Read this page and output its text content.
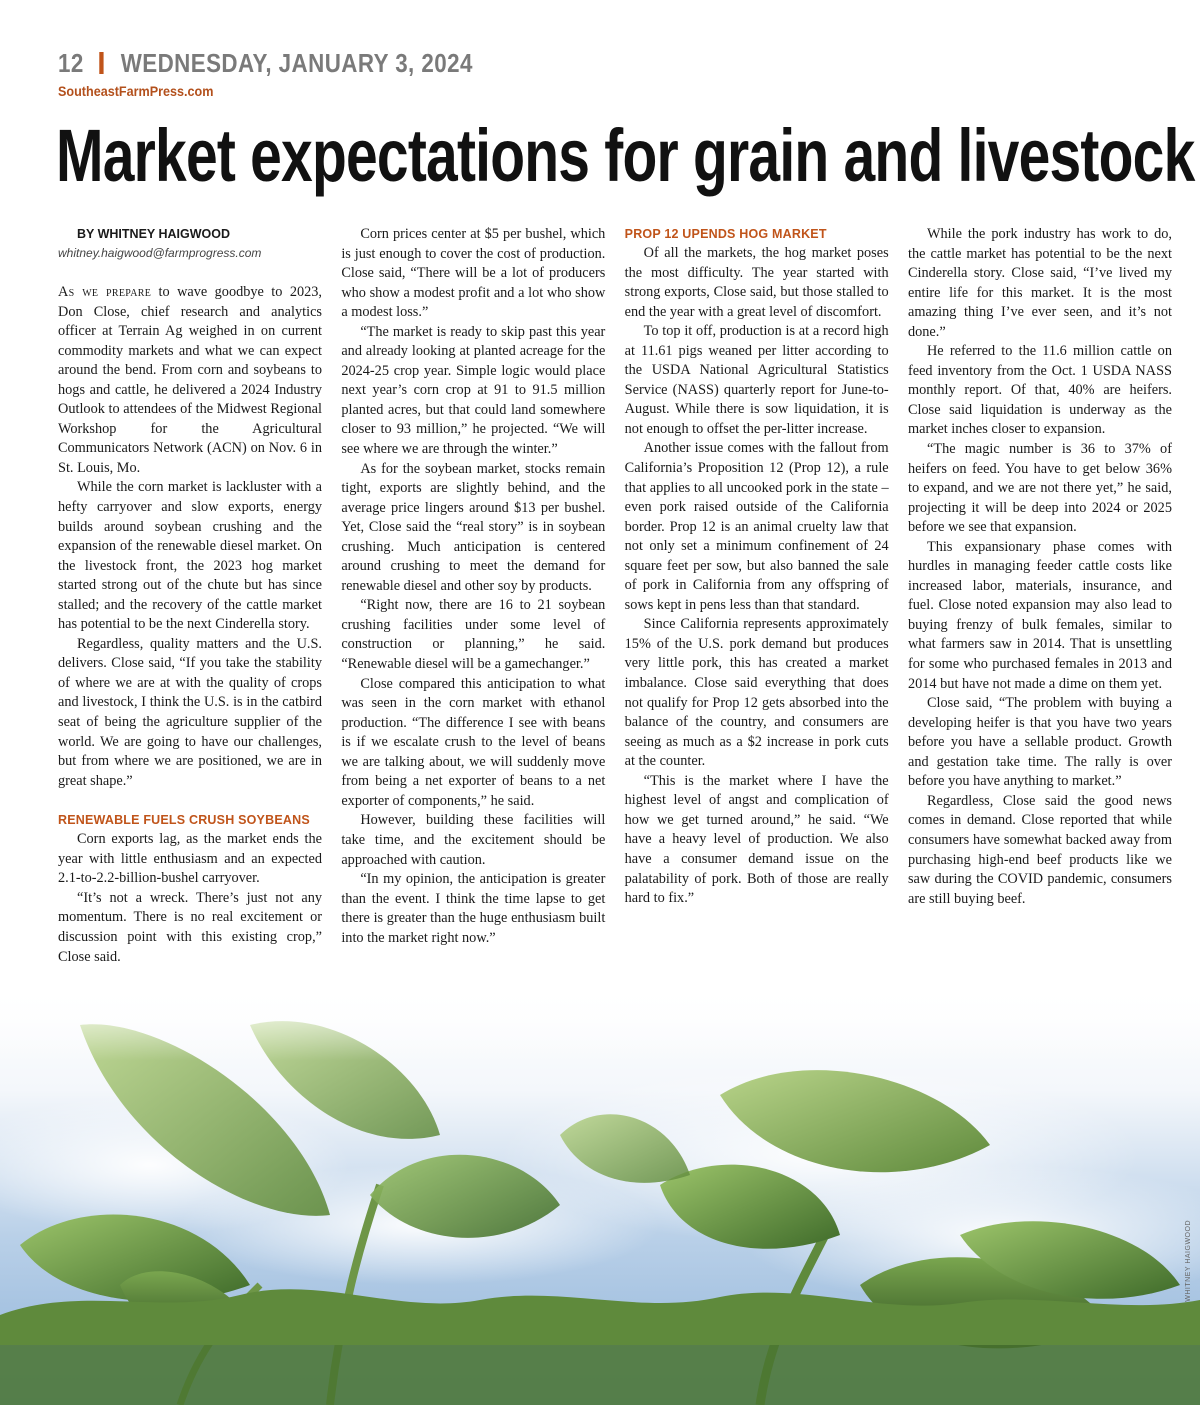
12 WEDNESDAY, JANUARY 3, 2024
SoutheastFarmPress.com
Market expectations for grain and livestock

BY WHITNEY HAIGWOOD

whitney.haigwood@farmprogress.com

As we prepare to wave goodbye to 2023, Don Close, chief research and analytics officer at Terrain Ag weighed in on current commodity markets and what we can expect around the bend. From corn and soybeans to hogs and cattle, he delivered a 2024 Industry Outlook to attendees of the Midwest Regional Workshop for the Agricultural Communicators Network (ACN) on Nov. 6 in St. Louis, Mo.

While the corn market is lackluster with a hefty carryover and slow exports, energy builds around soybean crushing and the expansion of the renewable diesel market. On the livestock front, the 2023 hog market started strong out of the chute but has since stalled; and the recovery of the cattle market has potential to be the next Cinderella story.

Regardless, quality matters and the U.S. delivers. Close said, “If you take the stability of where we are at with the quality of crops and livestock, I think the U.S. is in the catbird seat of being the agriculture supplier of the world. We are going to have our challenges, but from where we are positioned, we are in great shape.”

RENEWABLE FUELS CRUSH SOYBEANS

Corn exports lag, as the market ends the year with little enthusiasm and an expected 2.1-to-2.2-billion-bushel carryover.

“It’s not a wreck. There’s just not any momentum. There is no real excitement or discussion point with this existing crop,” Close said.

Corn prices center at $5 per bushel, which is just enough to cover the cost of production. Close said, “There will be a lot of producers who show a modest profit and a lot who show a modest loss.”

“The market is ready to skip past this year and already looking at planted acreage for the 2024-25 crop year. Simple logic would place next year’s corn crop at 91 to 91.5 million planted acres, but that could land somewhere closer to 93 million,” he projected. “We will see where we are through the winter.”

As for the soybean market, stocks remain tight, exports are slightly behind, and the average price lingers around $13 per bushel. Yet, Close said the “real story” is in soybean crushing. Much anticipation is centered around crushing to meet the demand for renewable diesel and other soy by products.

“Right now, there are 16 to 21 soybean crushing facilities under some level of construction or planning,” he said. “Renewable diesel will be a gamechanger.”

Close compared this anticipation to what was seen in the corn market with ethanol production. “The difference I see with beans is if we escalate crush to the level of beans we are talking about, we will suddenly move from being a net exporter of beans to a net exporter of components,” he said.

However, building these facilities will take time, and the excitement should be approached with caution.

“In my opinion, the anticipation is greater than the event. I think the time lapse to get there is greater than the huge enthusiasm built into the market right now.”

PROP 12 UPENDS HOG MARKET

Of all the markets, the hog market poses the most difficulty. The year started with strong exports, Close said, but those stalled to end the year with a great level of discomfort.

To top it off, production is at a record high at 11.61 pigs weaned per litter according to the USDA National Agricultural Statistics Service (NASS) quarterly report for June-to-August. While there is sow liquidation, it is not enough to offset the per-litter increase.

Another issue comes with the fallout from California’s Proposition 12 (Prop 12), a rule that applies to all uncooked pork in the state – even pork raised outside of the California border. Prop 12 is an animal cruelty law that not only set a minimum confinement of 24 square feet per sow, but also banned the sale of pork in California from any offspring of sows kept in pens less than that standard.

Since California represents approximately 15% of the U.S. pork demand but produces very little pork, this has created a market imbalance. Close said everything that does not qualify for Prop 12 gets absorbed into the balance of the country, and consumers are seeing as much as a $2 increase in pork cuts at the counter.

“This is the market where I have the highest level of angst and complication of how we get turned around,” he said. “We have a heavy level of production. We also have a consumer demand issue on the palatability of pork. Both of those are really hard to fix.”

While the pork industry has work to do, the cattle market has potential to be the next Cinderella story. Close said, “I’ve lived my entire life for this market. It is the most amazing thing I’ve ever seen, and it’s not done.”

He referred to the 11.6 million cattle on feed inventory from the Oct. 1 USDA NASS monthly report. Of that, 40% are heifers. Close said liquidation is underway as the market inches closer to expansion.

“The magic number is 36 to 37% of heifers on feed. You have to get below 36% to expand, and we are not there yet,” he said, projecting it will be deep into 2024 or 2025 before we see that expansion.

This expansionary phase comes with hurdles in managing feeder cattle costs like increased labor, materials, insurance, and fuel. Close noted expansion may also lead to buying frenzy of bulk females, similar to what farmers saw in 2014. That is unsettling for some who purchased females in 2013 and 2014 but have not made a dime on them yet.

Close said, “The problem with buying a developing heifer is that you have two years before you have a sellable product. Growth and gestation take time. The rally is over before you have anything to market.”

Regardless, Close said the good news comes in demand. Close reported that while consumers have somewhat backed away from purchasing high-end beef products like we saw during the COVID pandemic, consumers are still buying beef.

WHITNEY HAIGWOOD
